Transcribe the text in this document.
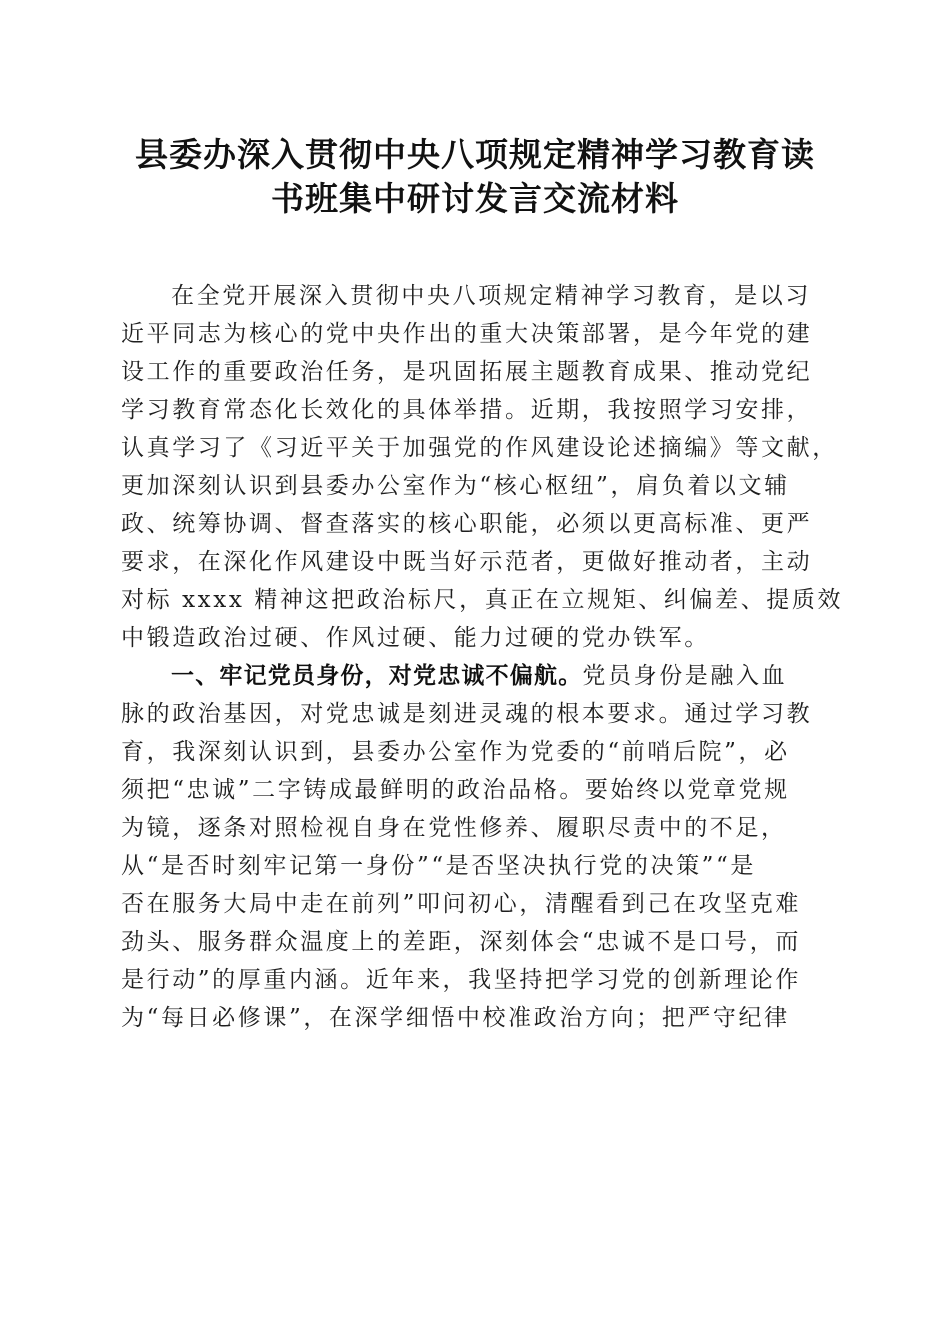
县委办深入贯彻中央八项规定精神学习教育读
书班集中研讨发言交流材料
在全党开展深入贯彻中央八项规定精神学习教育，是以习
近平同志为核心的党中央作出的重大决策部署，是今年党的建
设工作的重要政治任务，是巩固拓展主题教育成果、推动党纪
学习教育常态化长效化的具体举措。近期，我按照学习安排，
认真学习了《习近平关于加强党的作风建设论述摘编》等文献，
更加深刻认识到县委办公室作为“核心枢纽”，肩负着以文辅
政、统筹协调、督查落实的核心职能，必须以更高标准、更严
要求，在深化作风建设中既当好示范者，更做好推动者，主动
对标 xxxx 精神这把政治标尺，真正在立规矩、纠偏差、提质效
中锻造政治过硬、作风过硬、能力过硬的党办铁军。
一、牢记党员身份，对党忠诚不偏航。党员身份是融入血
脉的政治基因，对党忠诚是刻进灵魂的根本要求。通过学习教
育，我深刻认识到，县委办公室作为党委的“前哨后院”，必
须把“忠诚”二字铸成最鲜明的政治品格。要始终以党章党规
为镜，逐条对照检视自身在党性修养、履职尽责中的不足，
从“是否时刻牢记第一身份”“是否坚决执行党的决策”“是
否在服务大局中走在前列”叩问初心，清醒看到己在攻坚克难
劲头、服务群众温度上的差距，深刻体会“忠诚不是口号，而
是行动”的厚重内涵。近年来，我坚持把学习党的创新理论作
为“每日必修课”，在深学细悟中校准政治方向；把严守纪律
